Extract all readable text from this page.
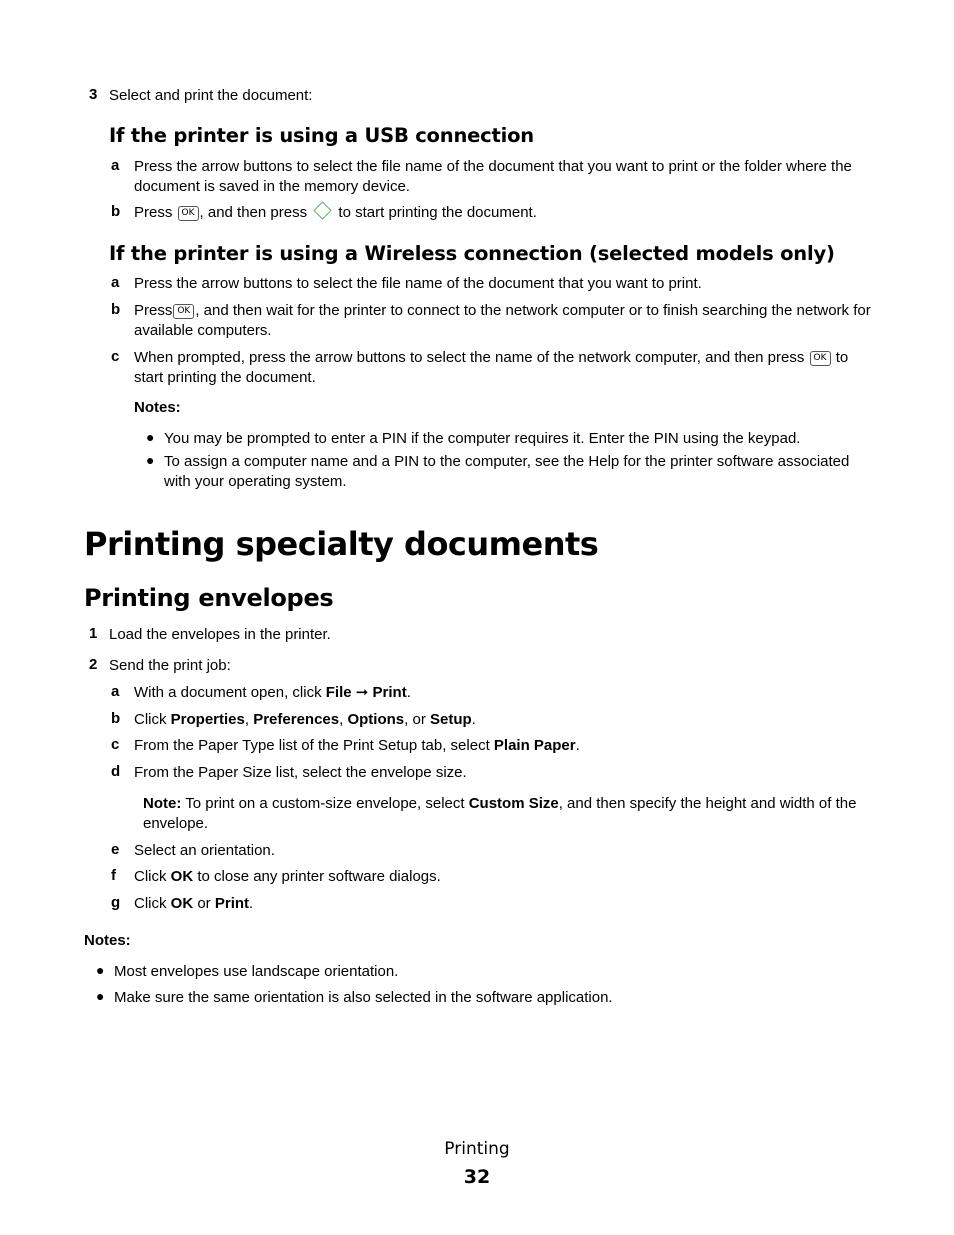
3 Select and print the document:
If the printer is using a USB connection
a Press the arrow buttons to select the file name of the document that you want to print or the folder where the document is saved in the memory device.
b Press OK , and then press  to start printing the document.
If the printer is using a Wireless connection (selected models only)
a Press the arrow buttons to select the file name of the document that you want to print.
b Press OK , and then wait for the printer to connect to the network computer or to finish searching the network for available computers.
c When prompted, press the arrow buttons to select the name of the network computer, and then press OK to start printing the document.
Notes:
● You may be prompted to enter a PIN if the computer requires it. Enter the PIN using the keypad.
● To assign a computer name and a PIN to the computer, see the Help for the printer software associated with your operating system.
Printing specialty documents
Printing envelopes
1 Load the envelopes in the printer.
2 Send the print job:
a With a document open, click File ➞ Print.
b Click Properties, Preferences, Options, or Setup.
c From the Paper Type list of the Print Setup tab, select Plain Paper.
d From the Paper Size list, select the envelope size.
Note: To print on a custom-size envelope, select Custom Size, and then specify the height and width of the envelope.
e Select an orientation.
f Click OK to close any printer software dialogs.
g Click OK or Print.
Notes:
● Most envelopes use landscape orientation.
● Make sure the same orientation is also selected in the software application.
Printing
32
